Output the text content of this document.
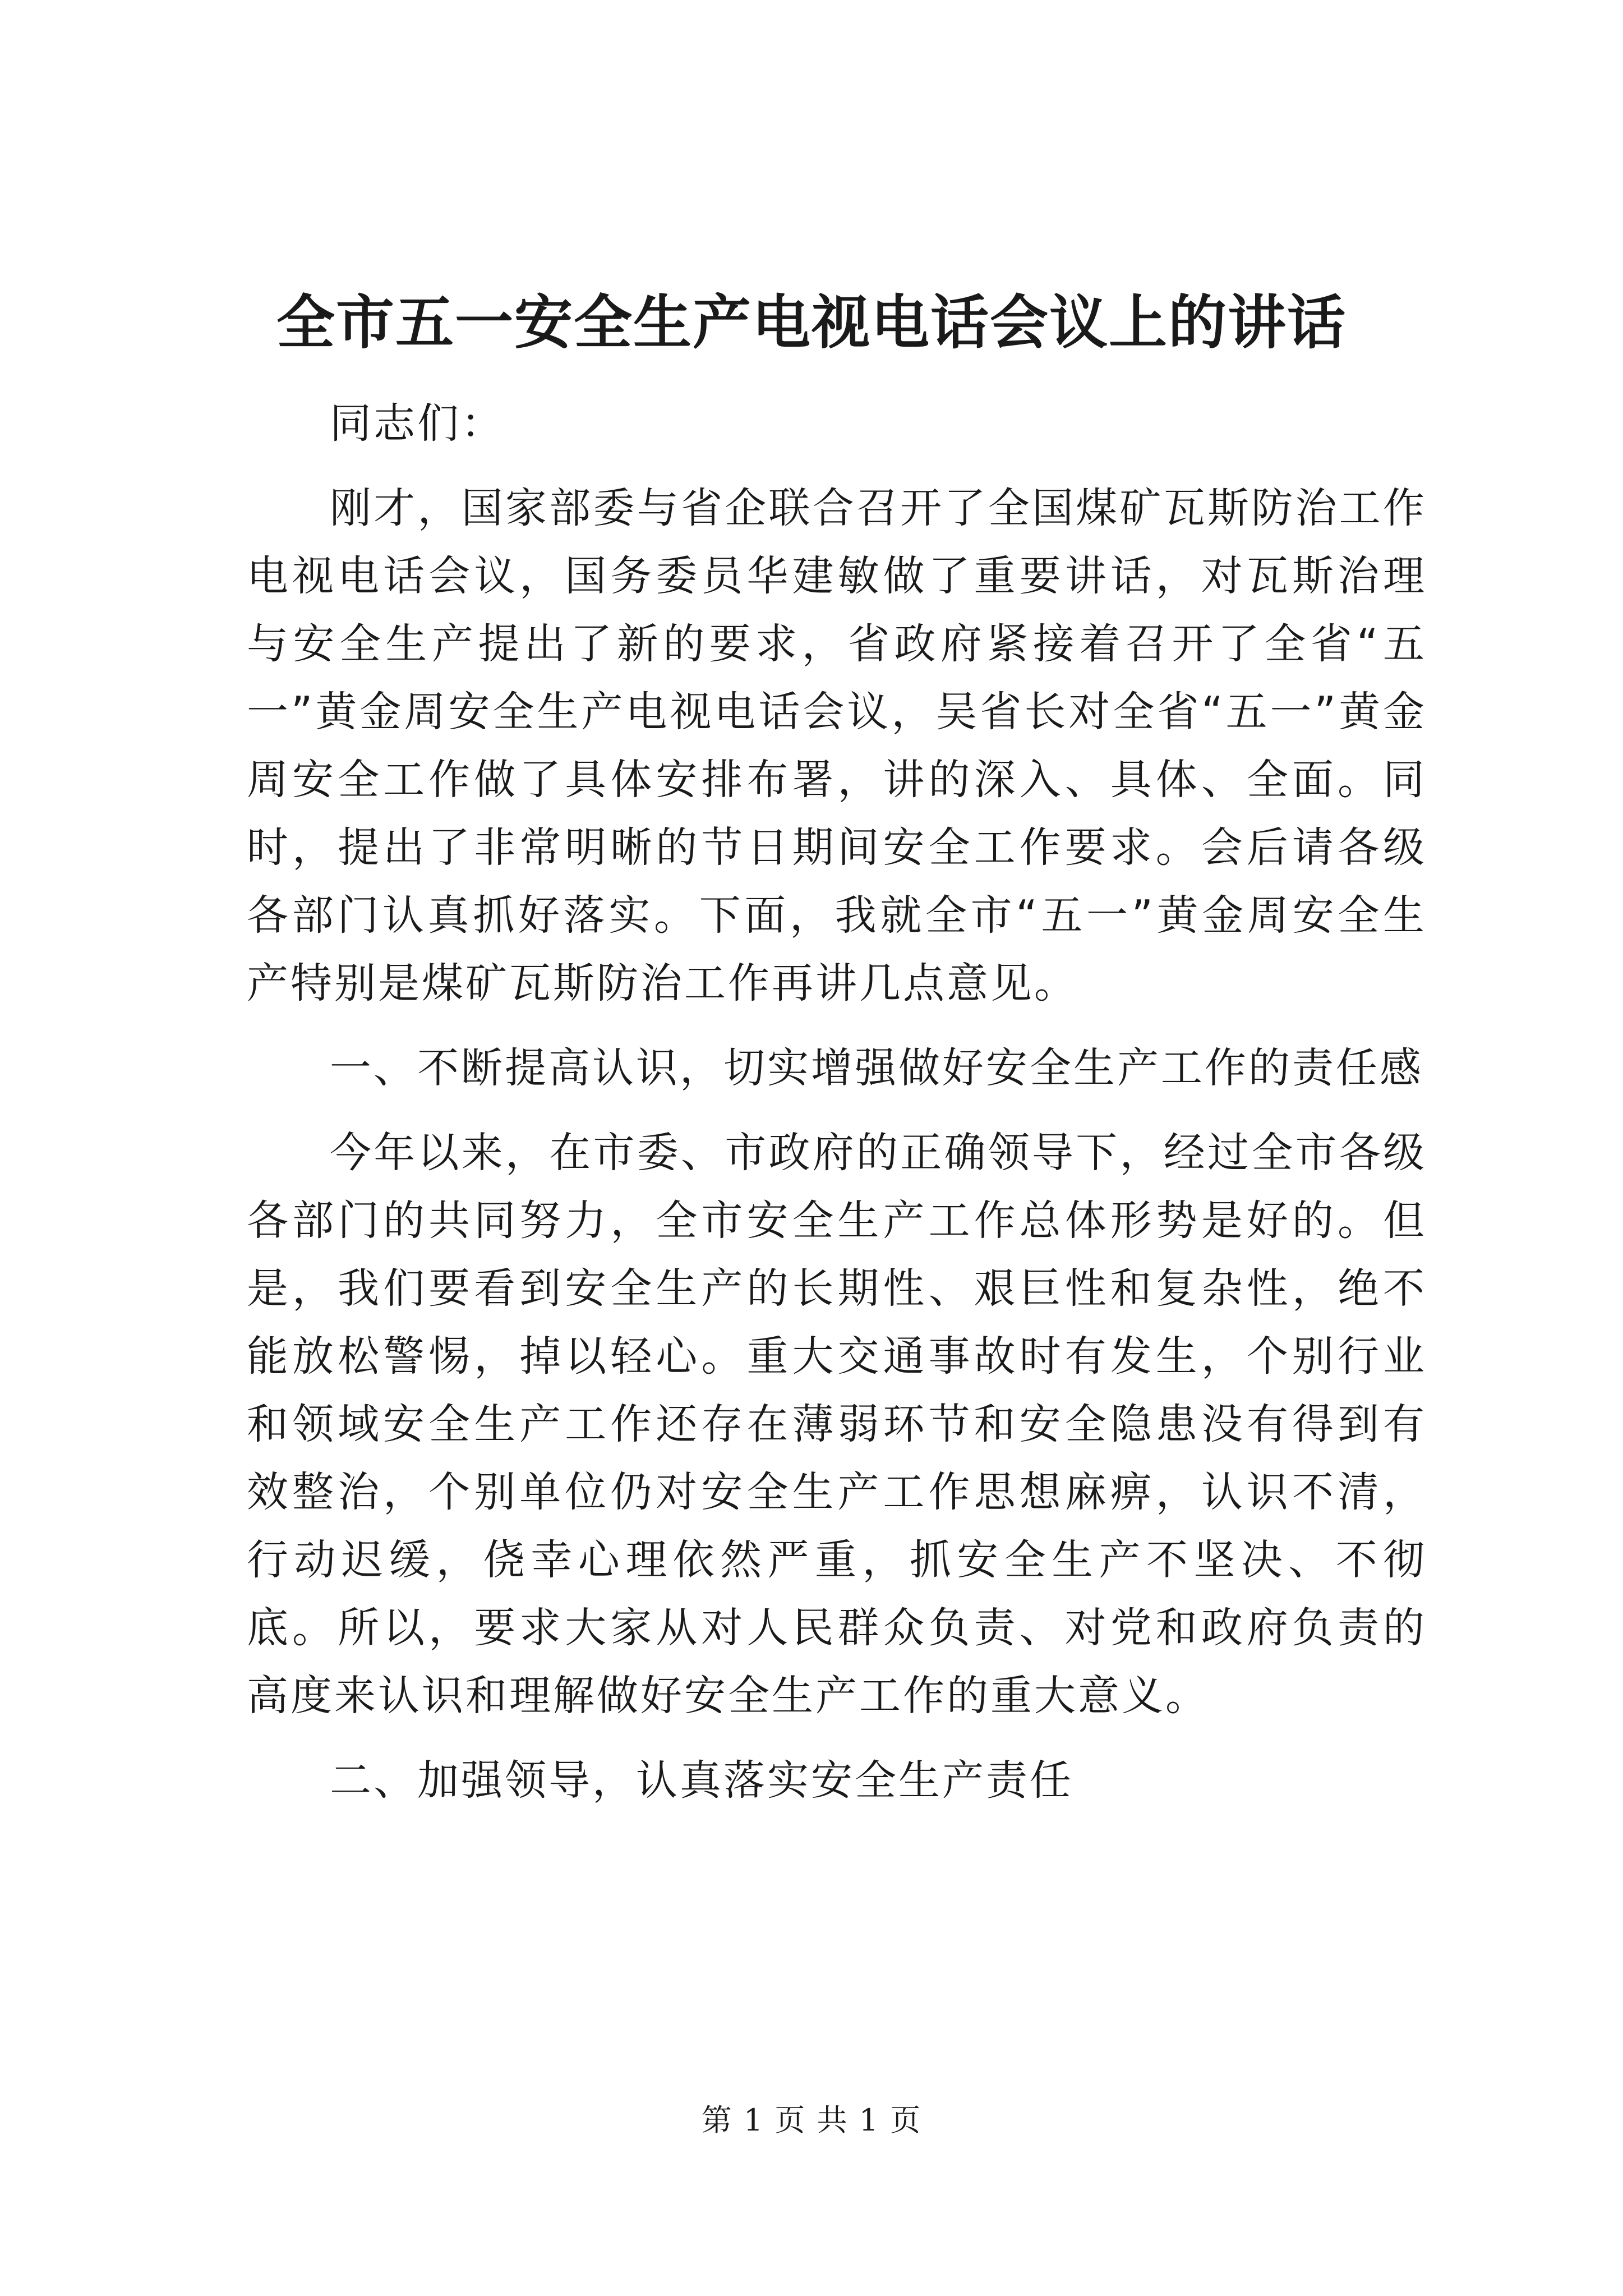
全市五一安全生产电视电话会议上的讲话

同志们：

刚才，国家部委与省企联合召开了全国煤矿瓦斯防治工作电视电话会议，国务委员华建敏做了重要讲话，对瓦斯治理与安全生产提出了新的要求，省政府紧接着召开了全省“五一”黄金周安全生产电视电话会议，吴省长对全省“五一”黄金周安全工作做了具体安排布署，讲的深入、具体、全面。同时，提出了非常明晰的节日期间安全工作要求。会后请各级各部门认真抓好落实。下面，我就全市“五一”黄金周安全生产特别是煤矿瓦斯防治工作再讲几点意见。

一、不断提高认识，切实增强做好安全生产工作的责任感

今年以来，在市委、市政府的正确领导下，经过全市各级各部门的共同努力，全市安全生产工作总体形势是好的。但是，我们要看到安全生产的长期性、艰巨性和复杂性，绝不能放松警惕，掉以轻心。重大交通事故时有发生，个别行业和领域安全生产工作还存在薄弱环节和安全隐患没有得到有效整治，个别单位仍对安全生产工作思想麻痹，认识不清，行动迟缓，侥幸心理依然严重，抓安全生产不坚决、不彻底。所以，要求大家从对人民群众负责、对党和政府负责的高度来认识和理解做好安全生产工作的重大意义。

二、加强领导，认真落实安全生产责任

第 1 页 共 1 页
